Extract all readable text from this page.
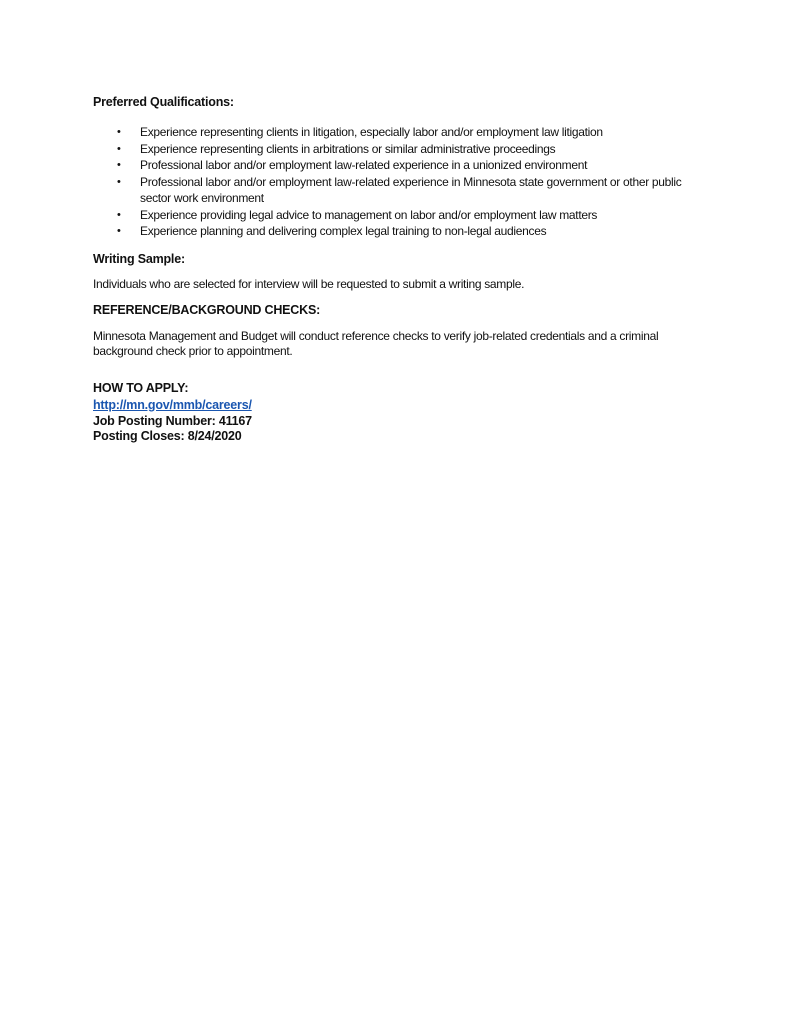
Preferred Qualifications:

• Experience representing clients in litigation, especially labor and/or employment law litigation
• Experience representing clients in arbitrations or similar administrative proceedings
• Professional labor and/or employment law-related experience in a unionized environment
• Professional labor and/or employment law-related experience in Minnesota state government or other public sector work environment
• Experience providing legal advice to management on labor and/or employment law matters
• Experience planning and delivering complex legal training to non-legal audiences

Writing Sample:

Individuals who are selected for interview will be requested to submit a writing sample.

REFERENCE/BACKGROUND CHECKS:

Minnesota Management and Budget will conduct reference checks to verify job-related credentials and a criminal background check prior to appointment.

HOW TO APPLY:

http://mn.gov/mmb/careers/

Job Posting Number: 41167

Posting Closes: 8/24/2020
